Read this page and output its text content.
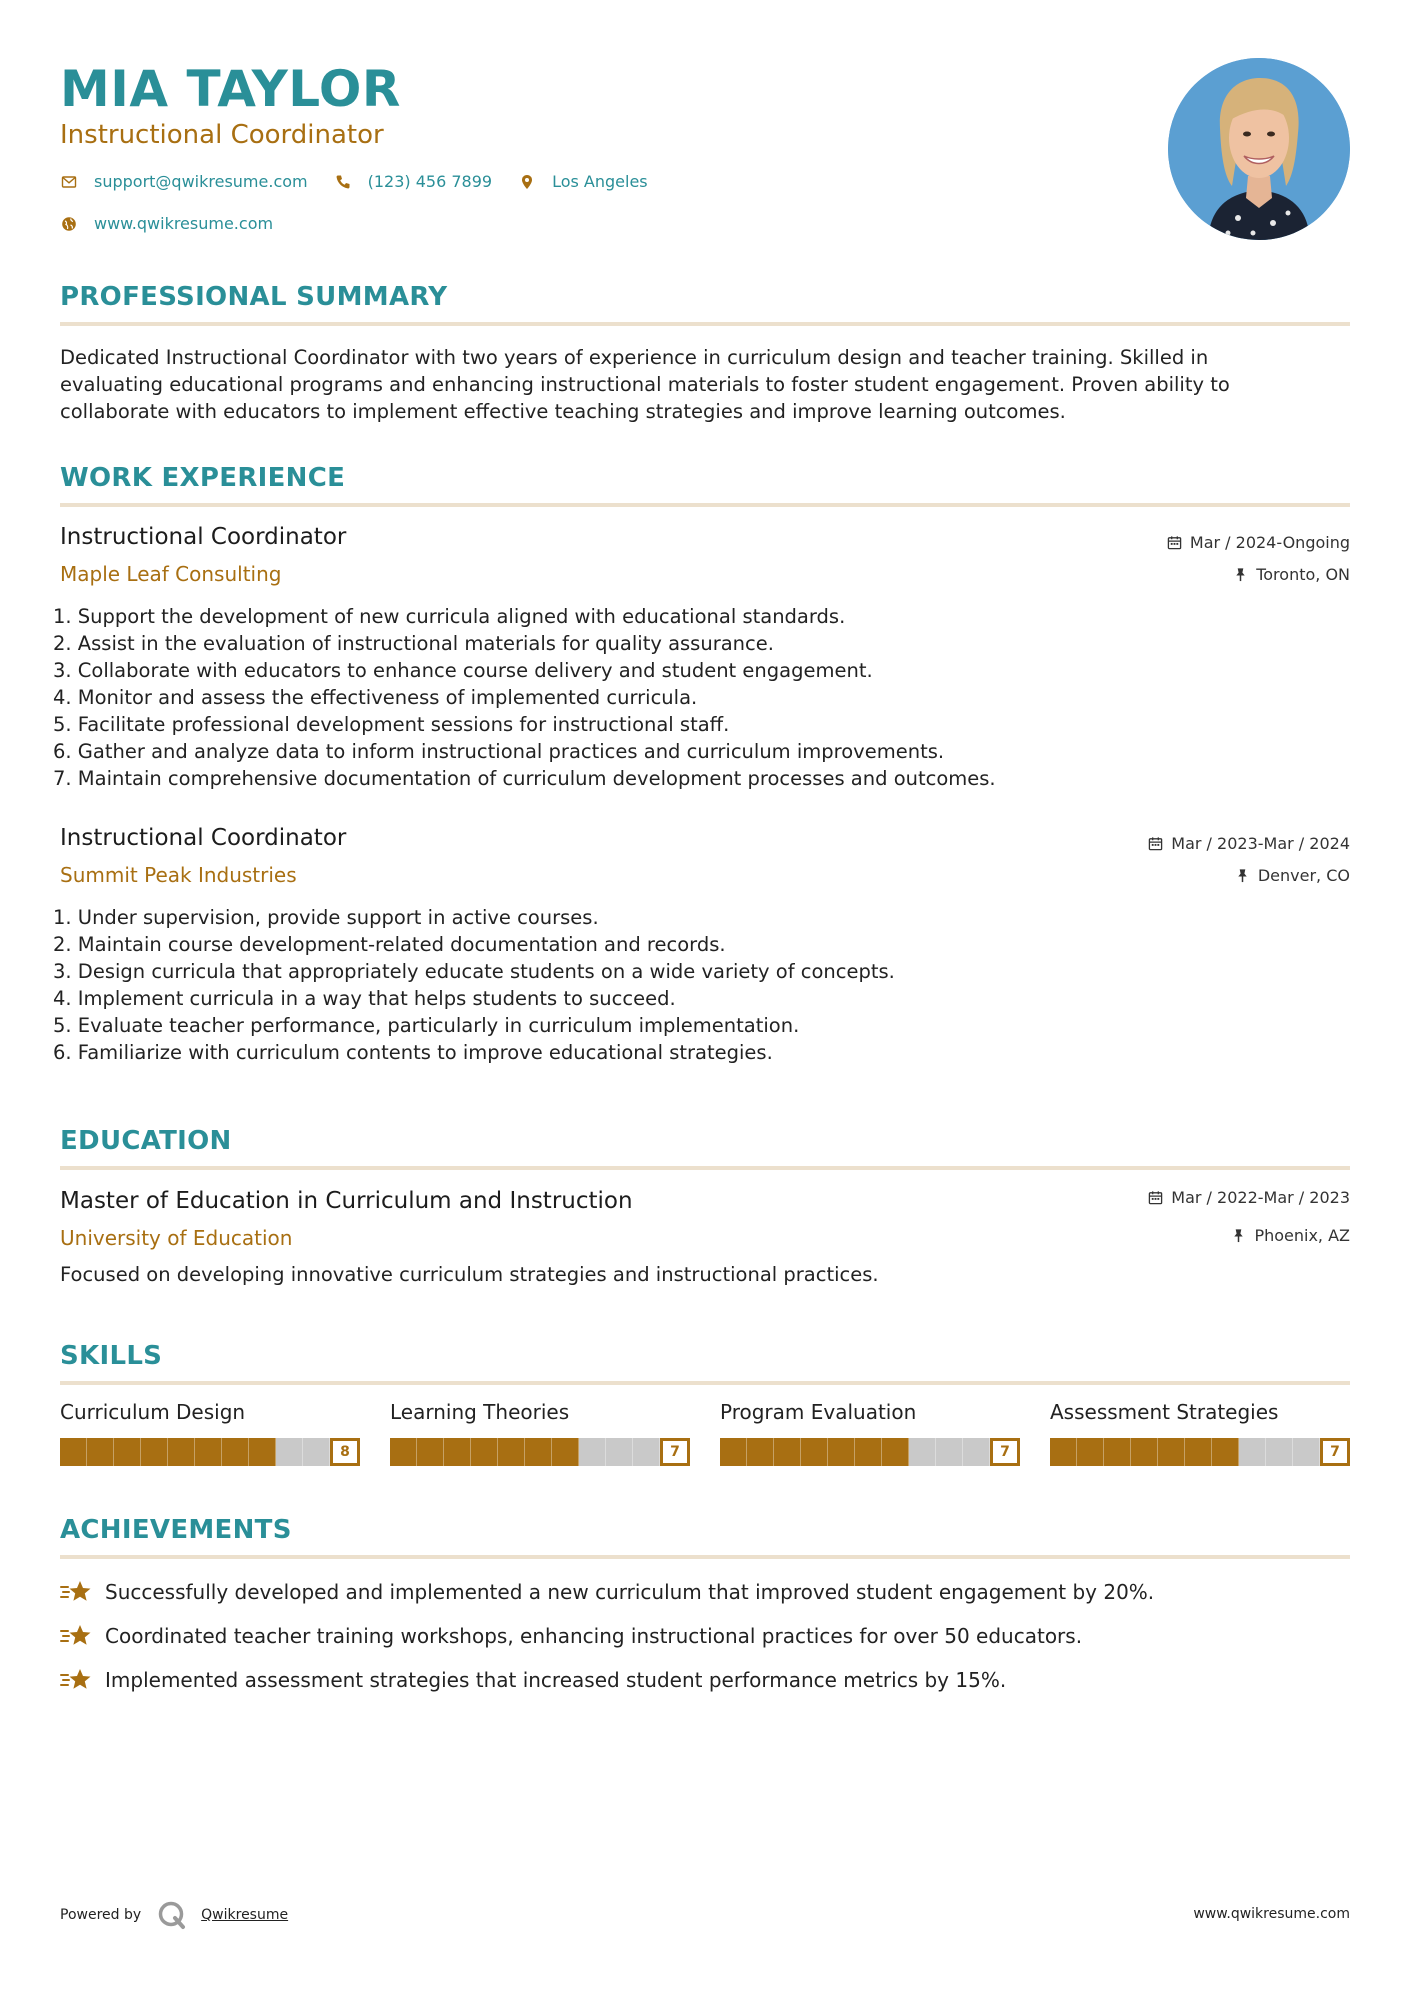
MIA TAYLOR
Instructional Coordinator
support@qwikresume.com	(123) 456 7899	Los Angeles
www.qwikresume.com
PROFESSIONAL SUMMARY
Dedicated Instructional Coordinator with two years of experience in curriculum design and teacher training. Skilled in
evaluating educational programs and enhancing instructional materials to foster student engagement. Proven ability to
collaborate with educators to implement effective teaching strategies and improve learning outcomes.
WORK EXPERIENCE
Instructional Coordinator
Maple Leaf Consulting
Mar / 2024-Ongoing
Toronto, ON
1. Support the development of new curricula aligned with educational standards.
2. Assist in the evaluation of instructional materials for quality assurance.
3. Collaborate with educators to enhance course delivery and student engagement.
4. Monitor and assess the effectiveness of implemented curricula.
5. Facilitate professional development sessions for instructional staff.
6. Gather and analyze data to inform instructional practices and curriculum improvements.
7. Maintain comprehensive documentation of curriculum development processes and outcomes.
Instructional Coordinator
Summit Peak Industries
Mar / 2023-Mar / 2024
Denver, CO
1. Under supervision, provide support in active courses.
2. Maintain course development-related documentation and records.
3. Design curricula that appropriately educate students on a wide variety of concepts.
4. Implement curricula in a way that helps students to succeed.
5. Evaluate teacher performance, particularly in curriculum implementation.
6. Familiarize with curriculum contents to improve educational strategies.
EDUCATION
Master of Education in Curriculum and Instruction
University of Education
Mar / 2022-Mar / 2023
Phoenix, AZ
Focused on developing innovative curriculum strategies and instructional practices.
SKILLS
Curriculum Design
8
Learning Theories
7
Program Evaluation
7
Assessment Strategies
7
ACHIEVEMENTS
Successfully developed and implemented a new curriculum that improved student engagement by 20%.
Coordinated teacher training workshops, enhancing instructional practices for over 50 educators.
Implemented assessment strategies that increased student performance metrics by 15%.
Powered by	Qwikresume	www.qwikresume.com
